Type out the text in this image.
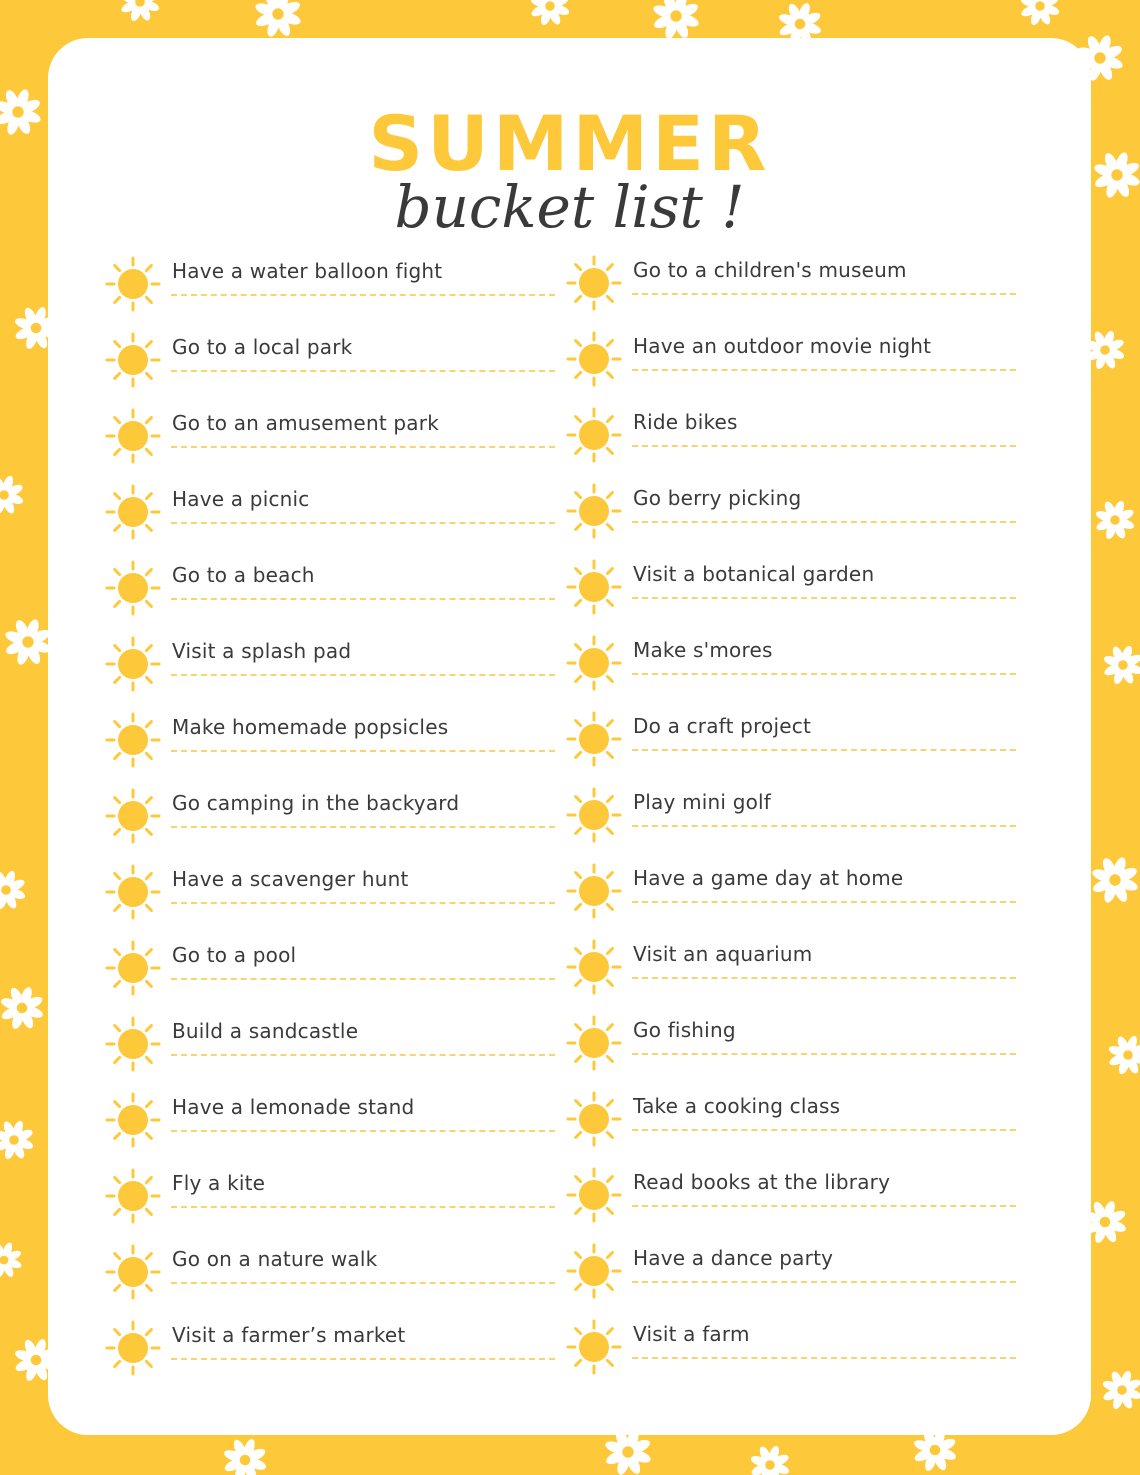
SUMMER
bucket list !
Have a water balloon fight
Go to a local park
Go to an amusement park
Have a picnic
Go to a beach
Visit a splash pad
Make homemade popsicles
Go camping in the backyard
Have a scavenger hunt
Go to a pool
Build a sandcastle
Have a lemonade stand
Fly a kite
Go on a nature walk
Visit a farmer’s market
Go to a children's museum
Have an outdoor movie night
Ride bikes
Go berry picking
Visit a botanical garden
Make s'mores
Do a craft project
Play mini golf
Have a game day at home
Visit an aquarium
Go fishing
Take a cooking class
Read books at the library
Have a dance party
Visit a farm
